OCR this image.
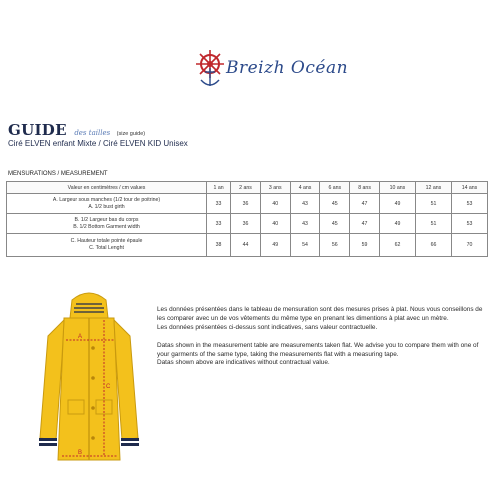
Breizh Océan
GUIDE des tailles (size guide)
Ciré ELVEN enfant Mixte / Ciré ELVEN KID Unisex
MENSURATIONS / MEASUREMENT
Valeur en centimètres / cm values	1 an	2 ans	3 ans	4 ans	6 ans	8 ans	10 ans	12 ans	14 ans

A. Largeur sous manches (1/2 tour de poitrine)
A. 1/2 bust girth	33	36	40	43	45	47	49	51	53

B. 1/2 Largeur bas du corps
B. 1/2 Bottom Garment width	33	36	40	43	45	47	49	51	53

C. Hauteur totale pointe épaule
C. Total Lenght	38	44	49	54	56	59	62	66	70
A
B
C

Les données présentées dans le tableau de mensuration sont des mesures prises à plat. Nous vous conseillons de les comparer avec un de vos vêtements du même type en prenant les dimentions à plat avec un mètre.

Les données présentées ci-dessus sont indicatives, sans valeur contractuelle.

Datas shown in the measurement table are measurements taken flat. We advise you to compare them with one of your garments of the same type, taking the measurements flat with a measuring tape.

Datas shown above are indicatives without contractual value.
